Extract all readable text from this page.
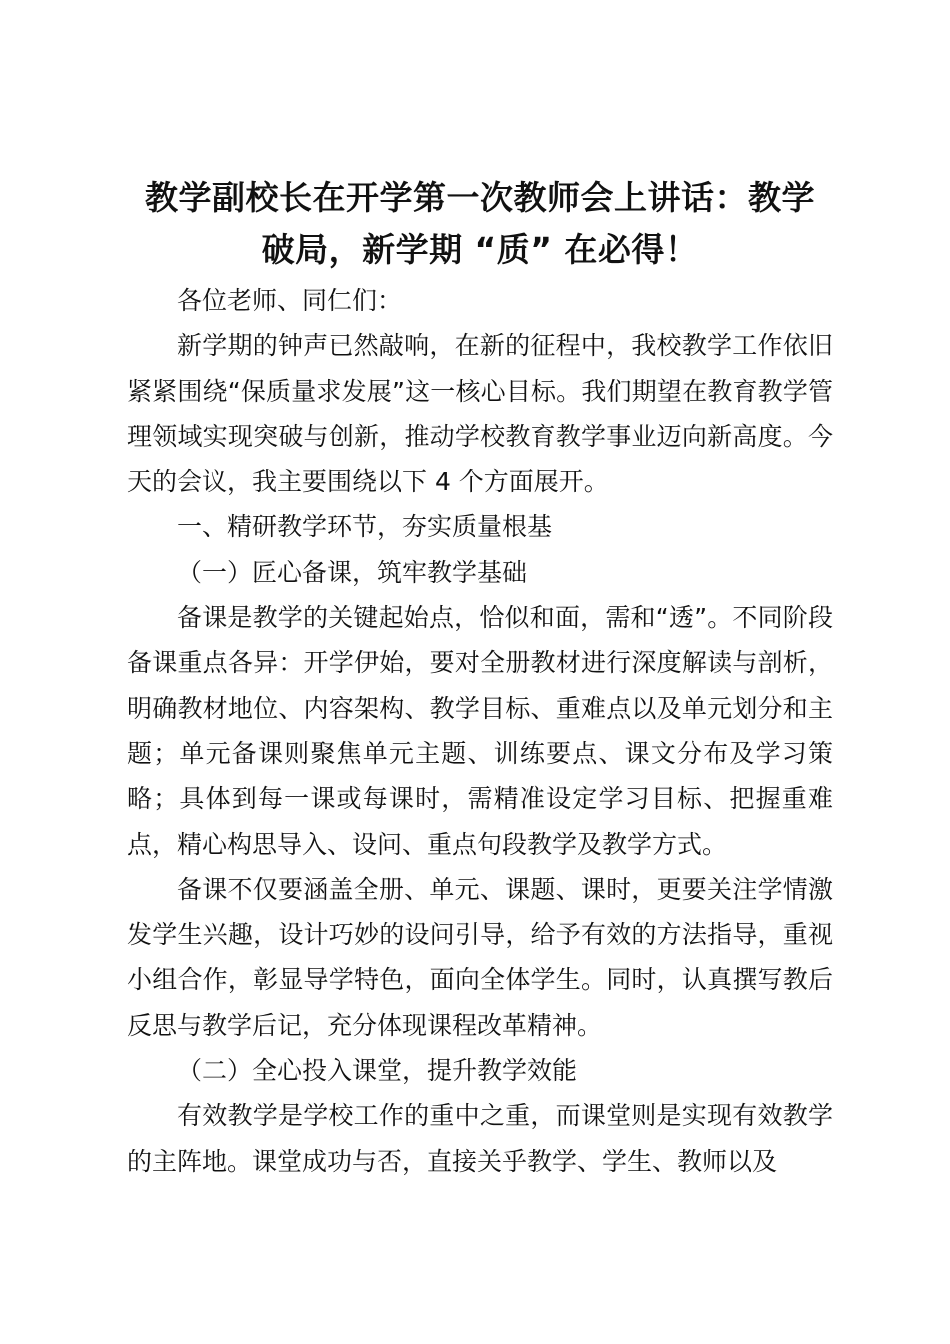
教学副校长在开学第一次教师会上讲话：教学
破局，新学期 “质” 在必得！

各位老师、同仁们：

新学期的钟声已然敲响，在新的征程中，我校教学工作依旧紧紧围绕“保质量求发展”这一核心目标。我们期望在教育教学管理领域实现突破与创新，推动学校教育教学事业迈向新高度。今天的会议，我主要围绕以下 4 个方面展开。

一、精研教学环节，夯实质量根基

（一）匠心备课，筑牢教学基础

备课是教学的关键起始点，恰似和面，需和“透”。不同阶段备课重点各异：开学伊始，要对全册教材进行深度解读与剖析，明确教材地位、内容架构、教学目标、重难点以及单元划分和主题；单元备课则聚焦单元主题、训练要点、课文分布及学习策略；具体到每一课或每课时，需精准设定学习目标、把握重难点，精心构思导入、设问、重点句段教学及教学方式。

备课不仅要涵盖全册、单元、课题、课时，更要关注学情激发学生兴趣，设计巧妙的设问引导，给予有效的方法指导，重视小组合作，彰显导学特色，面向全体学生。同时，认真撰写教后反思与教学后记，充分体现课程改革精神。

（二）全心投入课堂，提升教学效能

有效教学是学校工作的重中之重，而课堂则是实现有效教学的主阵地。课堂成功与否，直接关乎教学、学生、教师以及
